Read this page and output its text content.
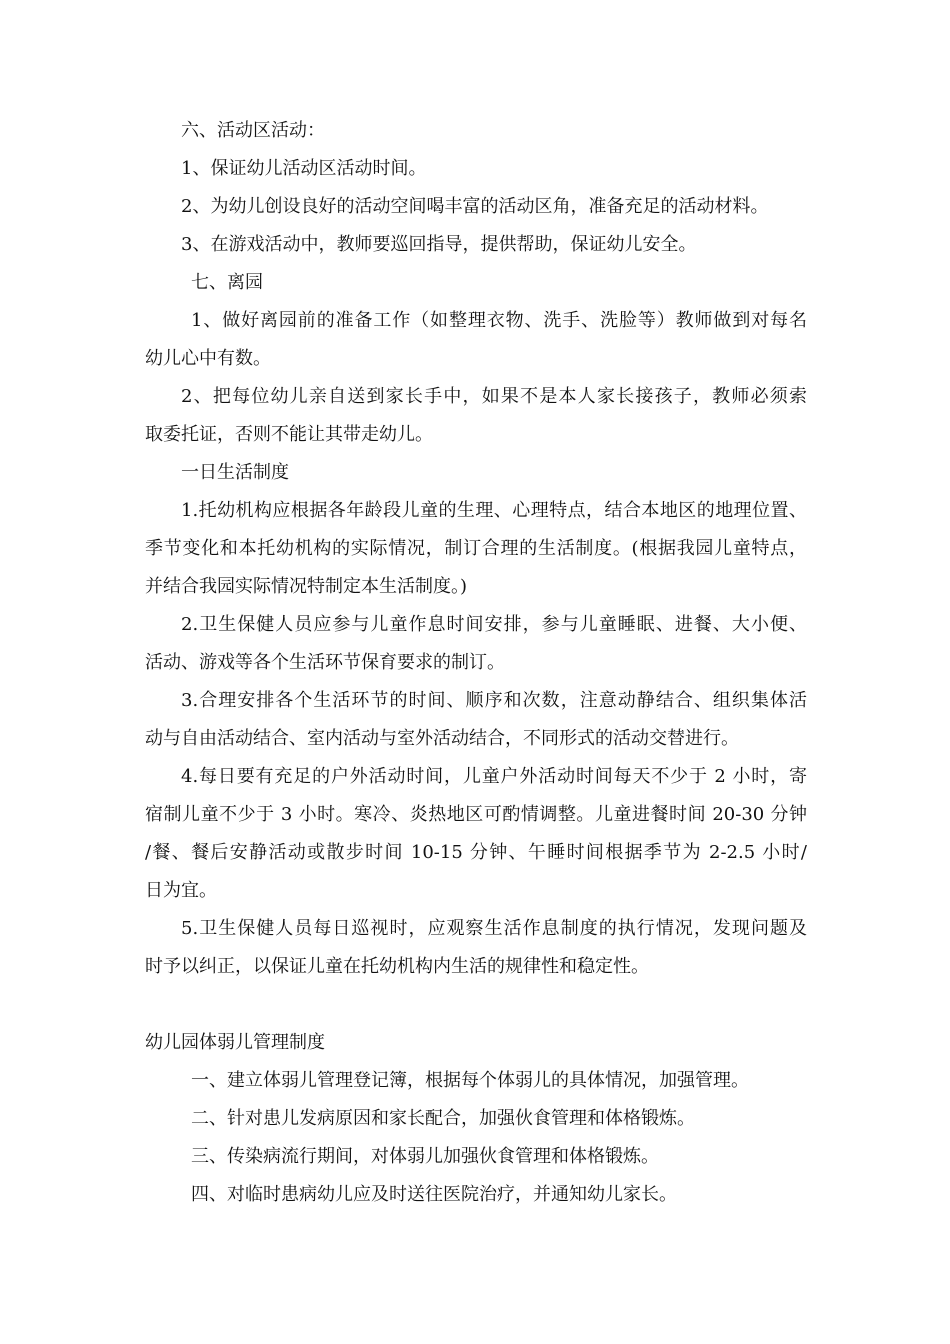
六、活动区活动：
1、保证幼儿活动区活动时间。
2、为幼儿创设良好的活动空间喝丰富的活动区角，准备充足的活动材料。
3、在游戏活动中，教师要巡回指导，提供帮助，保证幼儿安全。
七、离园
1、做好离园前的准备工作（如整理衣物、洗手、洗脸等）教师做到对每名
幼儿心中有数。
2、把每位幼儿亲自送到家长手中，如果不是本人家长接孩子，教师必须索
取委托证，否则不能让其带走幼儿。
一日生活制度
1.托幼机构应根据各年龄段儿童的生理、心理特点，结合本地区的地理位置、
季节变化和本托幼机构的实际情况，制订合理的生活制度。(根据我园儿童特点，
并结合我园实际情况特制定本生活制度。)
2.卫生保健人员应参与儿童作息时间安排，参与儿童睡眠、进餐、大小便、
活动、游戏等各个生活环节保育要求的制订。
3.合理安排各个生活环节的时间、顺序和次数，注意动静结合、组织集体活
动与自由活动结合、室内活动与室外活动结合，不同形式的活动交替进行。
4.每日要有充足的户外活动时间，儿童户外活动时间每天不少于 2 小时，寄
宿制儿童不少于 3 小时。寒冷、炎热地区可酌情调整。儿童进餐时间 20-30 分钟
/餐、餐后安静活动或散步时间 10-15 分钟、午睡时间根据季节为 2-2.5 小时/
日为宜。
5.卫生保健人员每日巡视时，应观察生活作息制度的执行情况，发现问题及
时予以纠正，以保证儿童在托幼机构内生活的规律性和稳定性。
幼儿园体弱儿管理制度
一、建立体弱儿管理登记簿，根据每个体弱儿的具体情况，加强管理。
二、针对患儿发病原因和家长配合，加强伙食管理和体格锻炼。
三、传染病流行期间，对体弱儿加强伙食管理和体格锻炼。
四、对临时患病幼儿应及时送往医院治疗，并通知幼儿家长。
